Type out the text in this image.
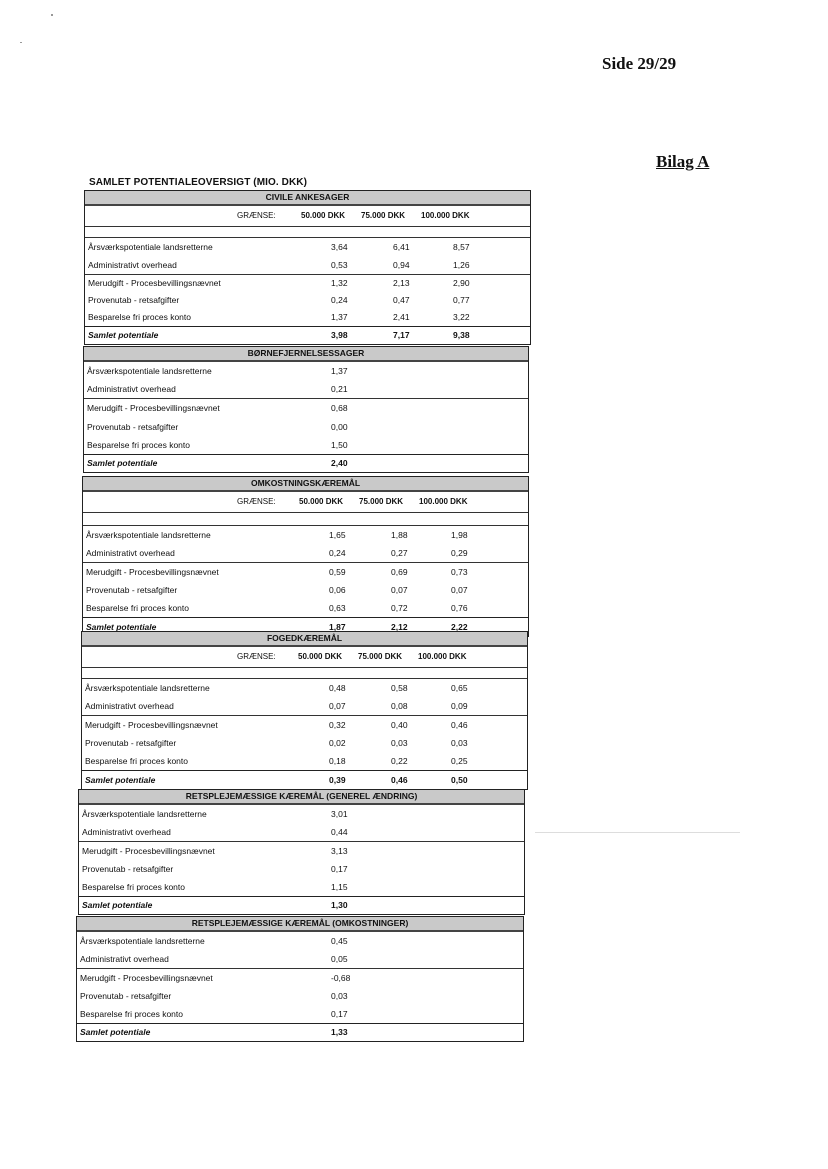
Side 29/29
Bilag A
SAMLET POTENTIALEOVERSIGT (MIO. DKK)
CIVILE ANKESAGER
GRÆNSE:	50.000 DKK 75.000 DKK 100.000 DKK
Årsværkspotentiale landsretterne	3,64	6,41	8,57
Administrativt overhead	0,53	0,94	1,26
Merudgift - Procesbevillingsnævnet	1,32	2,13	2,90
Provenutab - retsafgifter	0,24	0,47	0,77
Besparelse fri proces konto	1,37	2,41	3,22
Samlet potentiale	3,98	7,17	9,38
BØRNEFJERNELSESSAGER
Årsværkspotentiale landsretterne	1,37
Administrativt overhead	0,21
Merudgift - Procesbevillingsnævnet	0,68
Provenutab - retsafgifter	0,00
Besparelse fri proces konto	1,50
Samlet potentiale	2,40
OMKOSTNINGSKÆREMÅL
GRÆNSE:	50.000 DKK 75.000 DKK 100.000 DKK
Årsværkspotentiale landsretterne	1,65	1,88	1,98
Administrativt overhead	0,24	0,27	0,29
Merudgift - Procesbevillingsnævnet	0,59	0,69	0,73
Provenutab - retsafgifter	0,06	0,07	0,07
Besparelse fri proces konto	0,63	0,72	0,76
Samlet potentiale	1,87	2,12	2,22
FOGEDKÆREMÅL
GRÆNSE:	50.000 DKK 75.000 DKK 100.000 DKK
Årsværkspotentiale landsretterne	0,48	0,58	0,65
Administrativt overhead	0,07	0,08	0,09
Merudgift - Procesbevillingsnævnet	0,32	0,40	0,46
Provenutab - retsafgifter	0,02	0,03	0,03
Besparelse fri proces konto	0,18	0,22	0,25
Samlet potentiale	0,39	0,46	0,50
RETSPLEJEMÆSSIGE KÆREMÅL (GENEREL ÆNDRING)
Årsværkspotentiale landsretterne	3,01
Administrativt overhead	0,44
Merudgift - Procesbevillingsnævnet	3,13
Provenutab - retsafgifter	0,17
Besparelse fri proces konto	1,15
Samlet potentiale	1,30
RETSPLEJEMÆSSIGE KÆREMÅL (OMKOSTNINGER)
Årsværkspotentiale landsretterne	0,45
Administrativt overhead	0,05
Merudgift - Procesbevillingsnævnet	-0,68
Provenutab - retsafgifter	0,03
Besparelse fri proces konto	0,17
Samlet potentiale	1,33
